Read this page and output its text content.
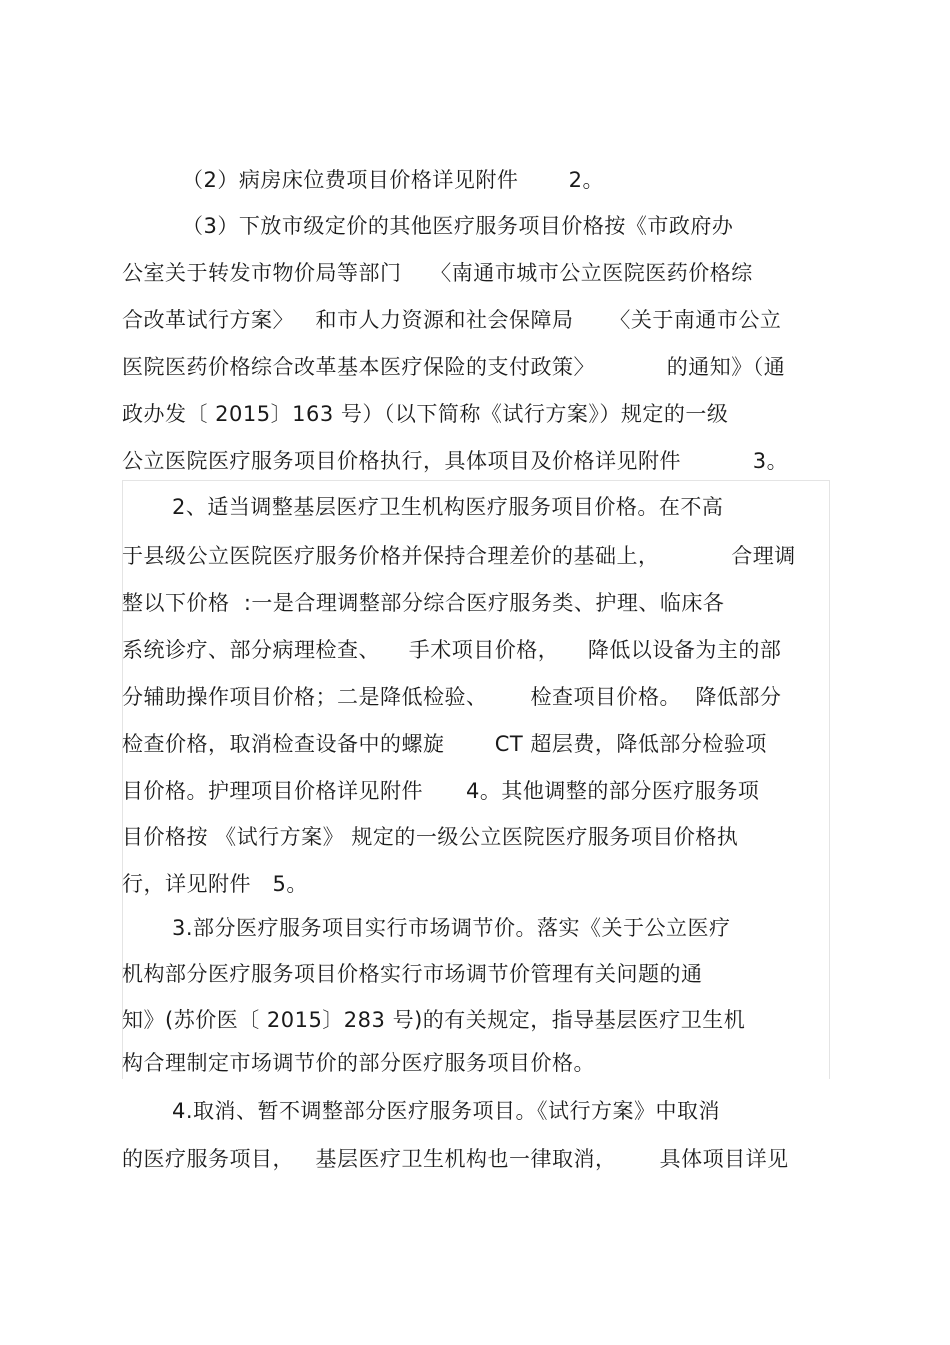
（2）病房床位费项目价格详见附件       2。
（3）下放市级定价的其他医疗服务项目价格按《市政府办
公室关于转发市物价局等部门    〈南通市城市公立医院医药价格综
合改革试行方案〉   和市人力资源和社会保障局     〈关于南通市公立
医院医药价格综合改革基本医疗保险的支付政策〉          的通知》（通
政办发〔 2015〕163 号）（以下简称《试行方案》）规定的一级
公立医院医疗服务项目价格执行，具体项目及价格详见附件          3。
2、适当调整基层医疗卫生机构医疗服务项目价格。在不高
于县级公立医院医疗服务价格并保持合理差价的基础上，          合理调
整以下价格  :一是合理调整部分综合医疗服务类、护理、临床各
系统诊疗、部分病理检查、    手术项目价格，    降低以设备为主的部
分辅助操作项目价格；二是降低检验、      检查项目价格。  降低部分
检查价格，取消检查设备中的螺旋       CT 超层费，降低部分检验项
目价格。护理项目价格详见附件      4。其他调整的部分医疗服务项
目价格按 《试行方案》 规定的一级公立医院医疗服务项目价格执
行，详见附件   5。
3.部分医疗服务项目实行市场调节价。落实《关于公立医疗
机构部分医疗服务项目价格实行市场调节价管理有关问题的通
知》(苏价医〔 2015〕283 号)的有关规定，指导基层医疗卫生机
构合理制定市场调节价的部分医疗服务项目价格。
4.取消、暂不调整部分医疗服务项目。《试行方案》中取消
的医疗服务项目，   基层医疗卫生机构也一律取消，      具体项目详见
